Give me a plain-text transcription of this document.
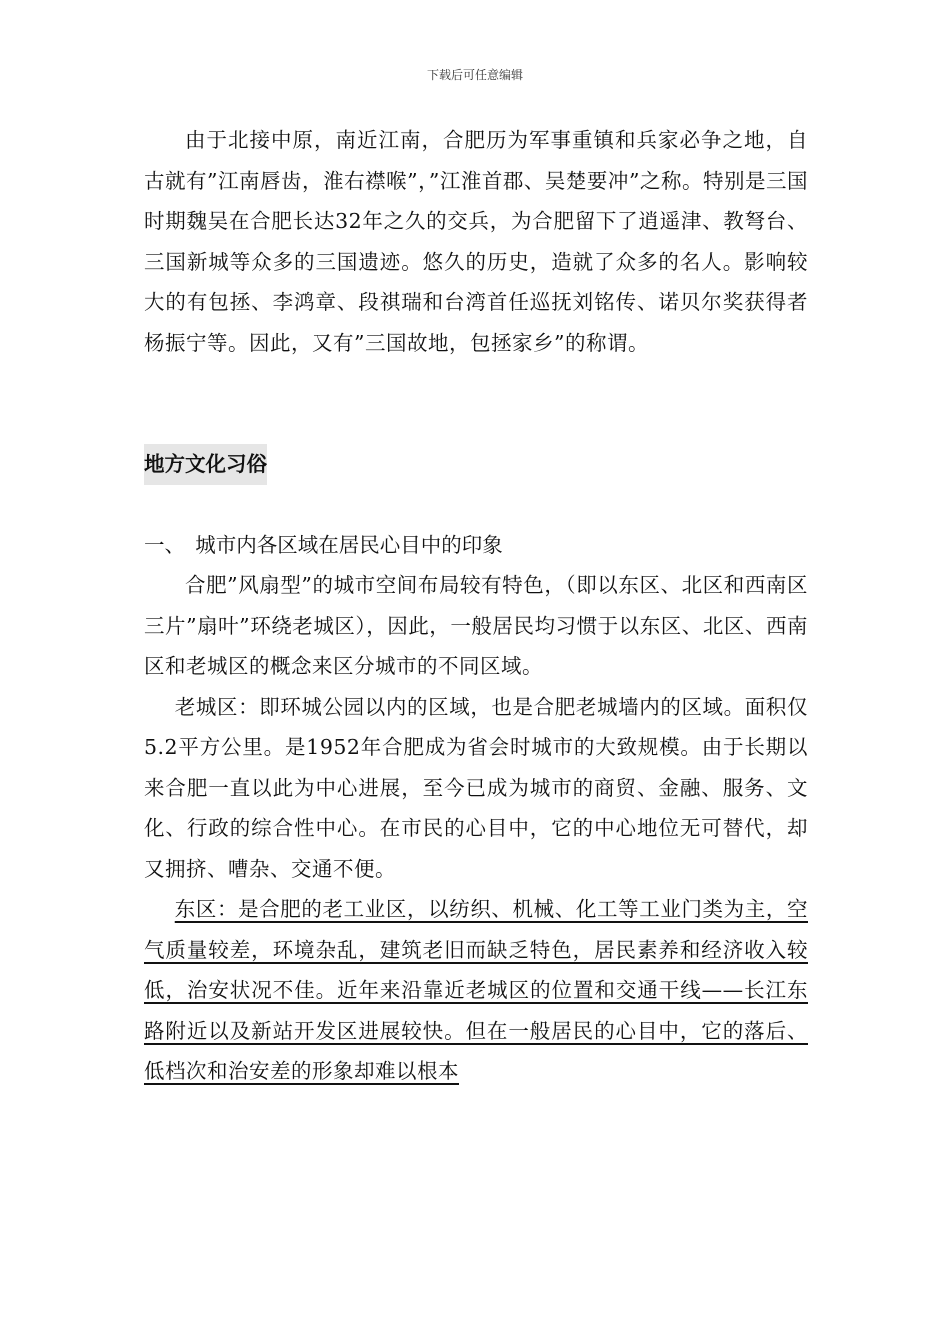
下载后可任意编辑

由于北接中原，南近江南，合肥历为军事重镇和兵家必争之地，自古就有”江南唇齿，淮右襟喉”，”江淮首郡、吴楚要冲”之称。特别是三国时期魏吴在合肥长达32年之久的交兵，为合肥留下了逍遥津、教弩台、三国新城等众多的三国遗迹。悠久的历史，造就了众多的名人。影响较大的有包拯、李鸿章、段祺瑞和台湾首任巡抚刘铭传、诺贝尔奖获得者杨振宁等。因此，又有”三国故地，包拯家乡”的称谓。

地方文化习俗

一、　城市内各区域在居民心目中的印象

合肥”风扇型”的城市空间布局较有特色，（即以东区、北区和西南区三片”扇叶”环绕老城区），因此，一般居民均习惯于以东区、北区、西南区和老城区的概念来区分城市的不同区域。

老城区：即环城公园以内的区域，也是合肥老城墙内的区域。面积仅5.2平方公里。是1952年合肥成为省会时城市的大致规模。由于长期以来合肥一直以此为中心进展，至今已成为城市的商贸、金融、服务、文化、行政的综合性中心。在市民的心目中，它的中心地位无可替代，却又拥挤、嘈杂、交通不便。

东区：是合肥的老工业区，以纺织、机械、化工等工业门类为主，空气质量较差，环境杂乱，建筑老旧而缺乏特色，居民素养和经济收入较低，治安状况不佳。近年来沿靠近老城区的位置和交通干线——长江东路附近以及新站开发区进展较快。但在一般居民的心目中，它的落后、低档次和治安差的形象却难以根本
